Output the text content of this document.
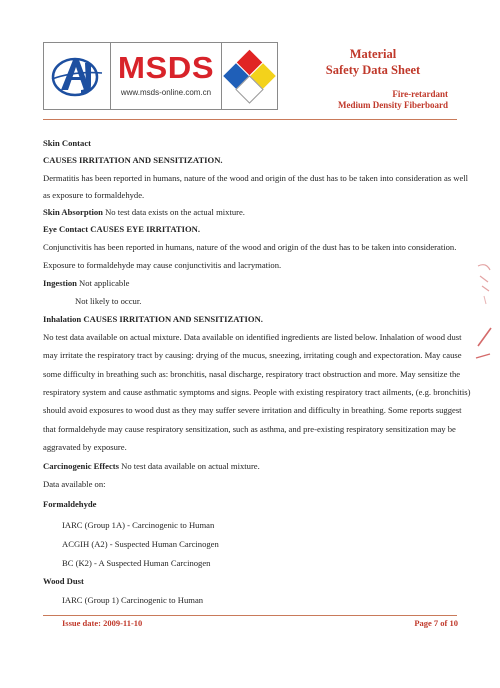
MSDS
www.msds-online.com.cn
Material
Safety Data Sheet
Fire-retardant
Medium Density Fiberboard
Skin Contact
CAUSES IRRITATION AND SENSITIZATION.
Dermatitis has been reported in humans, nature of the wood and origin of the dust has to be taken into consideration as well
as exposure to formaldehyde.
Skin Absorption No test data exists on the actual mixture.
Eye Contact CAUSES EYE IRRITATION.
Conjunctivitis has been reported in humans, nature of the wood and origin of the dust has to be taken into consideration.
Exposure to formaldehyde may cause conjunctivitis and lacrymation.
Ingestion Not applicable
Not likely to occur.
Inhalation CAUSES IRRITATION AND SENSITIZATION.
No test data available on actual mixture. Data available on identified ingredients are listed below. Inhalation of wood dust
may irritate the respiratory tract by causing: drying of the mucus, sneezing, irritating cough and expectoration. May cause
some difficulty in breathing such as: bronchitis, nasal discharge, respiratory tract obstruction and more. May sensitize the
respiratory system and cause asthmatic symptoms and signs. People with existing respiratory tract ailments, (e.g. bronchitis)
should avoid exposures to wood dust as they may suffer severe irritation and difficulty in breathing. Some reports suggest
that formaldehyde may cause respiratory sensitization, such as asthma, and pre-existing respiratory sensitization may be
aggravated by exposure.
Carcinogenic Effects No test data available on actual mixture.
Data available on:
Formaldehyde
IARC (Group 1A) - Carcinogenic to Human
ACGIH (A2) - Suspected Human Carcinogen
BC (K2) - A Suspected Human Carcinogen
Wood Dust
IARC (Group 1) Carcinogenic to Human
Issue date: 2009-11-10	Page 7 of 10
